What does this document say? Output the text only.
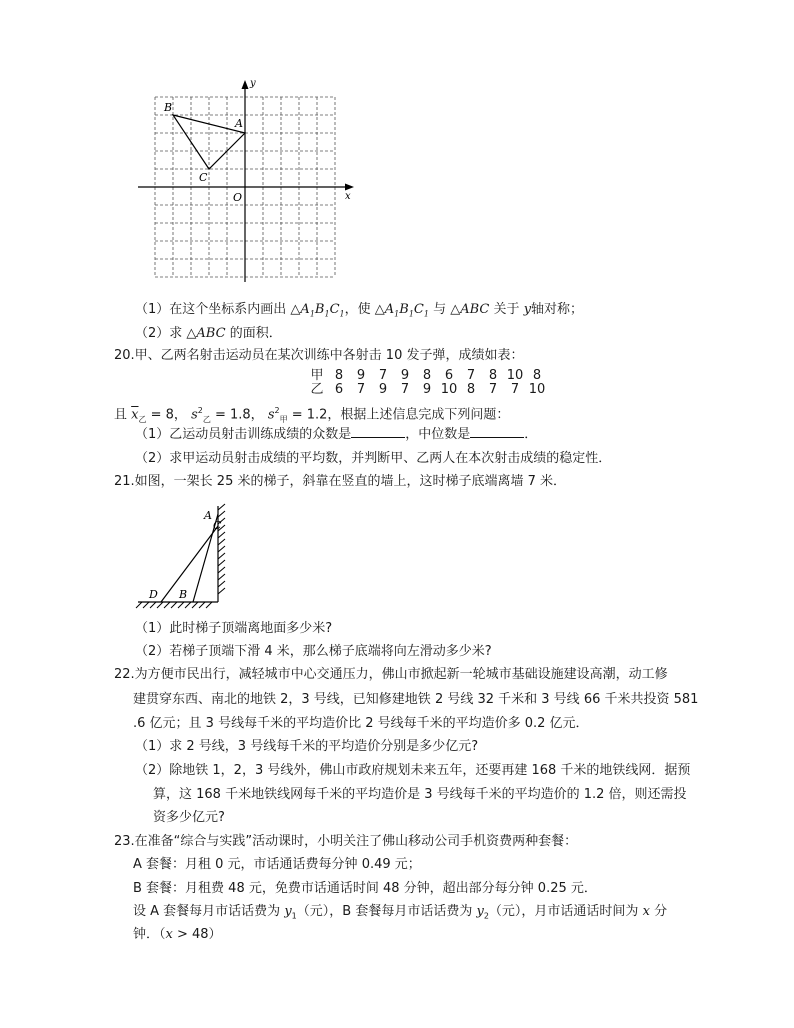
B
A
C
O	x
y
（1）在这个坐标系内画出 $\triangle A_1B_1C_1$，使 $\triangle A_1B_1C_1$ 与 △ABC 关于 y轴对称；
（2）求 △ABC 的面积．
20.甲、乙两名射击运动员在某次训练中各射击 10 发子弹，成绩如表：
甲	8	9	7	9	8	6	7	8	10	8
乙	6	7	9	7	9	10	8	7	7	10
且 $\overline{x}_乙 = 8$， $s^2_乙 = 1.8$， $s^2_甲 = 1.2$，根据上述信息完成下列问题：
（1）乙运动员射击训练成绩的众数是	，中位数是	．
（2）求甲运动员射击成绩的平均数，并判断甲、乙两人在本次射击成绩的稳定性．
21.如图，一架长 25 米的梯子，斜靠在竖直的墙上，这时梯子底端离墙 7 米．
A
C
D B
（1）此时梯子顶端离地面多少米?
（2）若梯子顶端下滑 4 米，那么梯子底端将向左滑动多少米?
22.为方便市民出行，减轻城市中心交通压力，佛山市掀起新一轮城市基础设施建设高潮，动工修
建贯穿东西、南北的地铁 2，3 号线，已知修建地铁 2 号线 32 千米和 3 号线 66 千米共投资 581
.6 亿元；且 3 号线每千米的平均造价比 2 号线每千米的平均造价多 0.2 亿元．
（1）求 2 号线，3 号线每千米的平均造价分别是多少亿元?
（2）除地铁 1，2，3 号线外，佛山市政府规划未来五年，还要再建 168 千米的地铁线网．据预
算，这 168 千米地铁线网每千米的平均造价是 3 号线每千米的平均造价的 1.2 倍，则还需投
资多少亿元?
23.在准备“综合与实践”活动课时，小明关注了佛山移动公司手机资费两种套餐：
A 套餐：月租 0 元，市话通话费每分钟 0.49 元；
B 套餐：月租费 48 元，免费市话通话时间 48 分钟，超出部分每分钟 0.25 元．
设 A 套餐每月市话话费为 $y_1$（元），B 套餐每月市话话费为 $y_2$（元），月市话通话时间为 x 分
钟．（x > 48）
